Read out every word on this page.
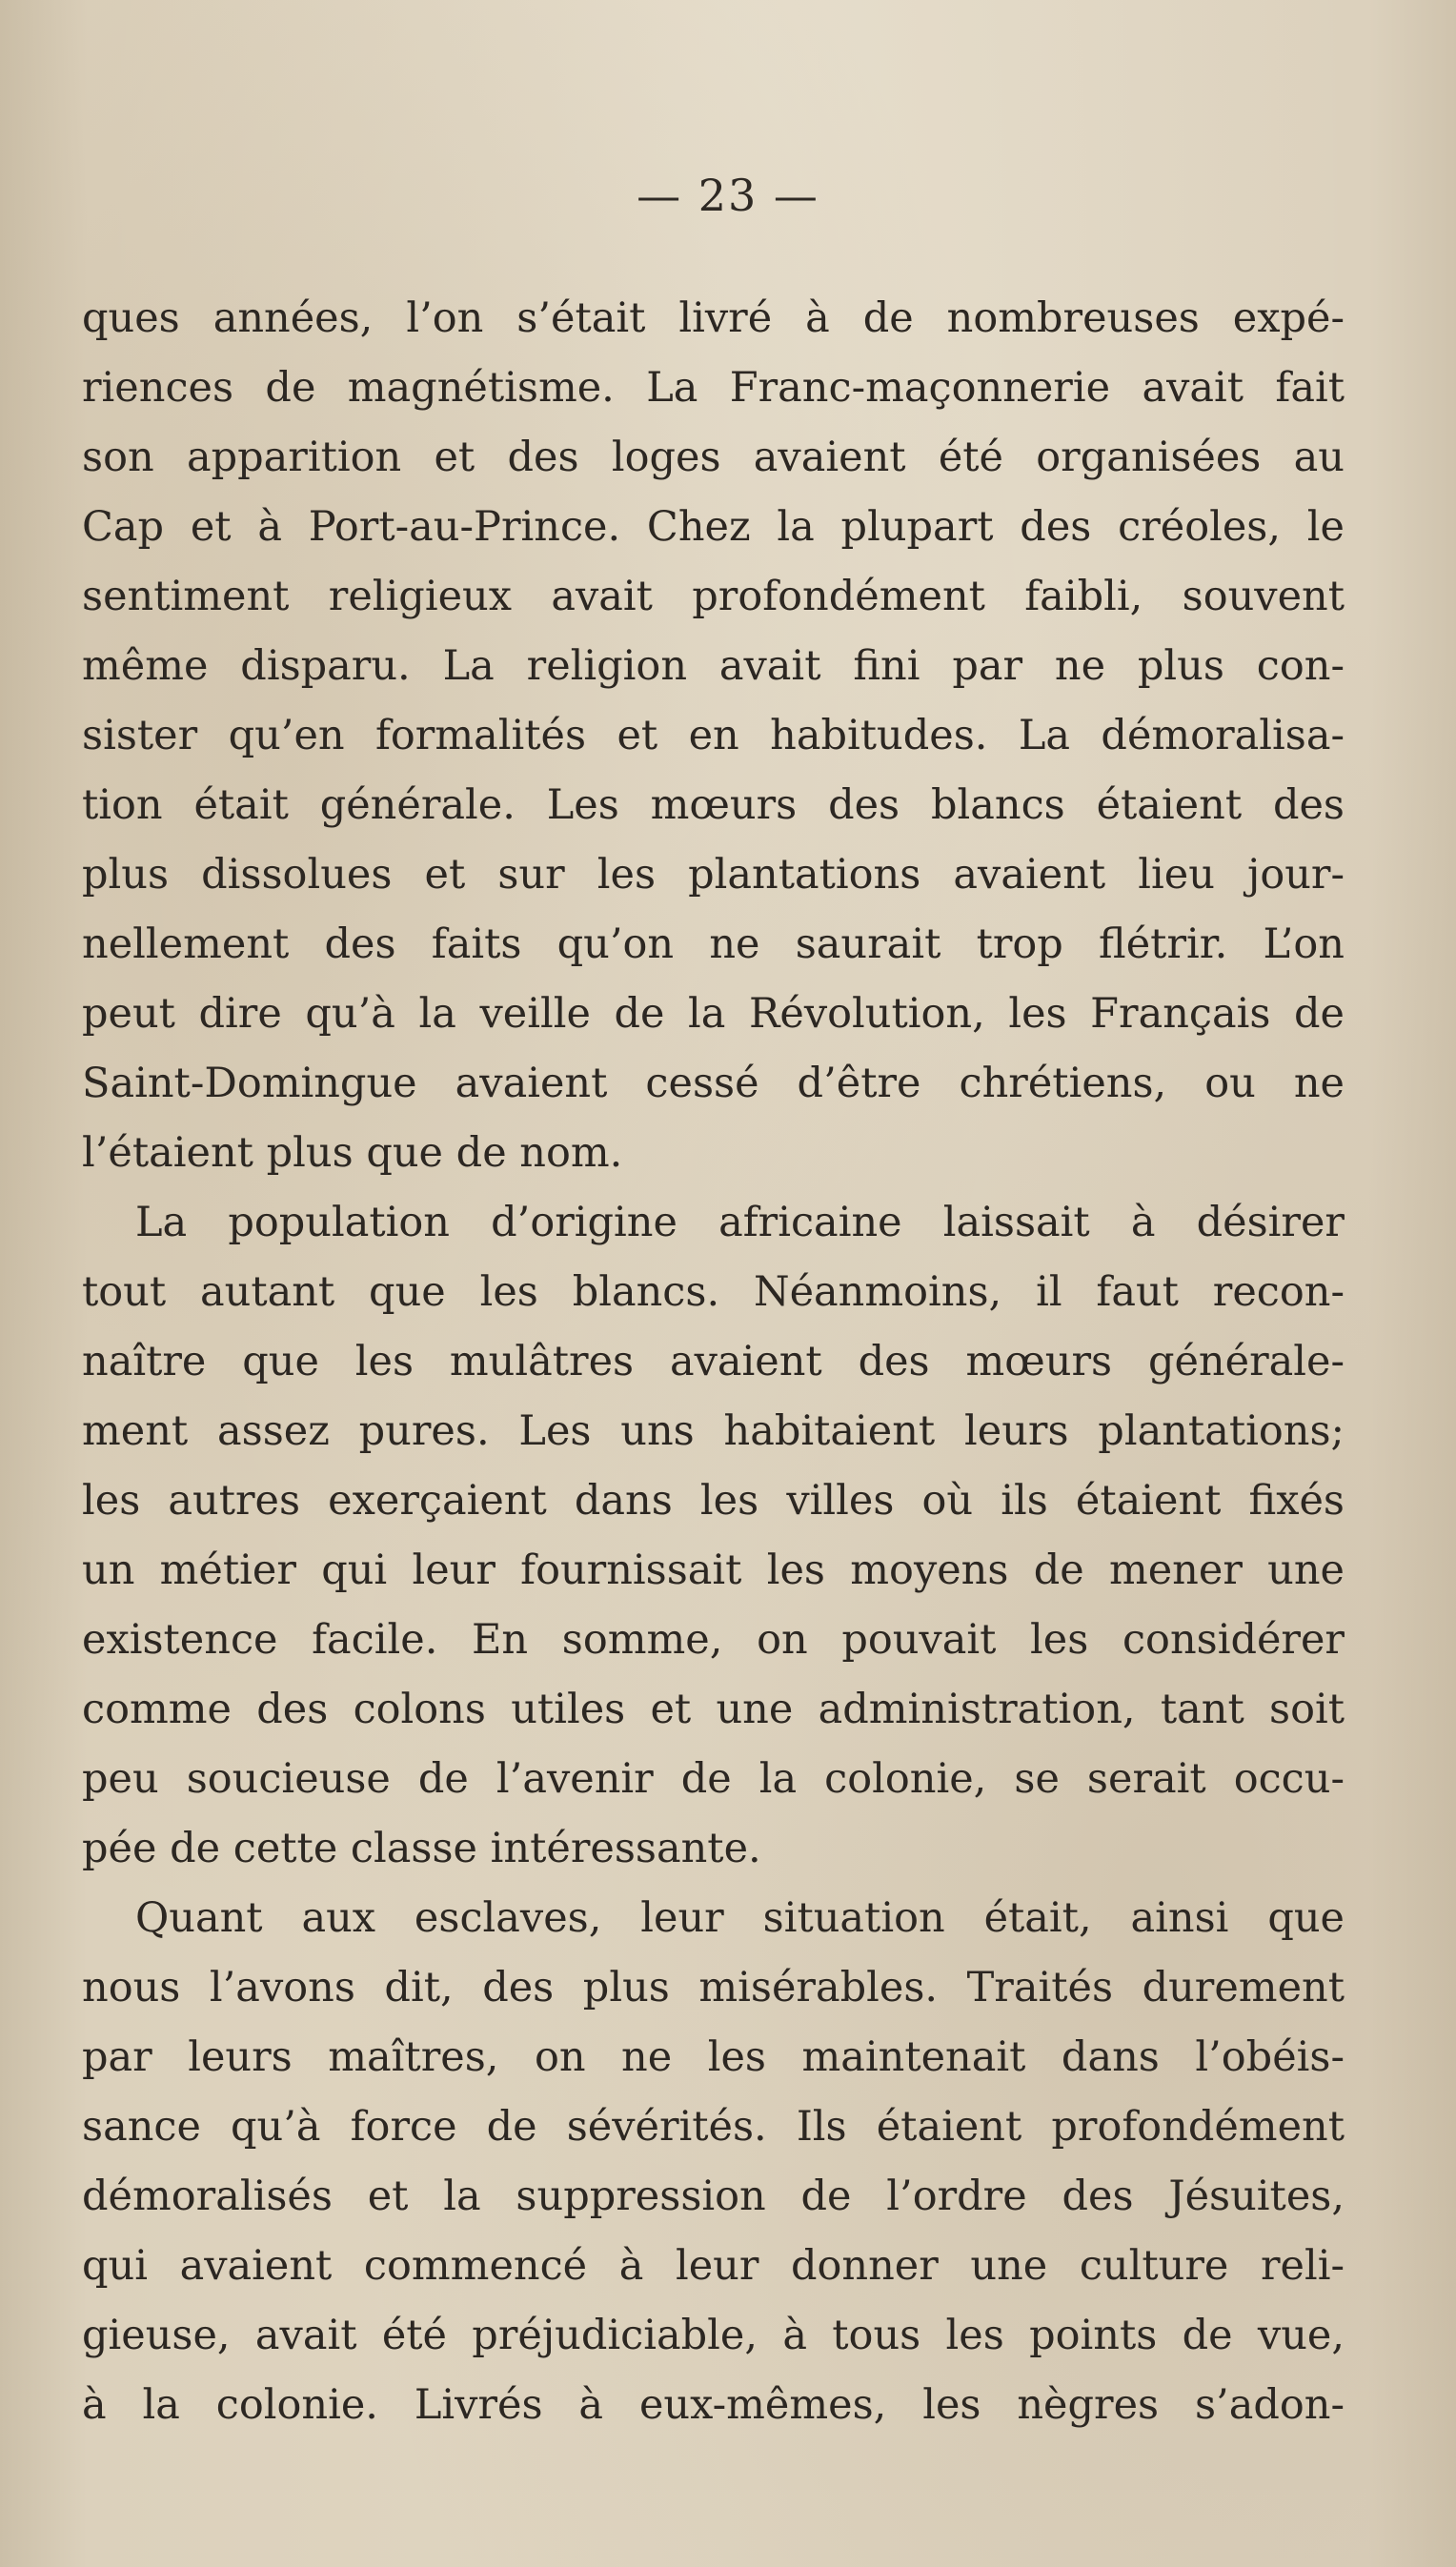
— 23 —
ques années, l’on s’était livré à de nombreuses expé-
riences de magnétisme. La Franc-maçonnerie avait fait
son apparition et des loges avaient été organisées au
Cap et à Port-au-Prince. Chez la plupart des créoles, le
sentiment religieux avait profondément faibli, souvent
même disparu. La religion avait fini par ne plus con-
sister qu’en formalités et en habitudes. La démoralisa-
tion était générale. Les mœurs des blancs étaient des
plus dissolues et sur les plantations avaient lieu jour-
nellement des faits qu’on ne saurait trop flétrir. L’on
peut dire qu’à la veille de la Révolution, les Français de
Saint-Domingue avaient cessé d’être chrétiens, ou ne
l’étaient plus que de nom.
La population d’origine africaine laissait à désirer
tout autant que les blancs. Néanmoins, il faut recon-
naître que les mulâtres avaient des mœurs générale-
ment assez pures. Les uns habitaient leurs plantations;
les autres exerçaient dans les villes où ils étaient fixés
un métier qui leur fournissait les moyens de mener une
existence facile. En somme, on pouvait les considérer
comme des colons utiles et une administration, tant soit
peu soucieuse de l’avenir de la colonie, se serait occu-
pée de cette classe intéressante.
Quant aux esclaves, leur situation était, ainsi que
nous l’avons dit, des plus misérables. Traités durement
par leurs maîtres, on ne les maintenait dans l’obéis-
sance qu’à force de sévérités. Ils étaient profondément
démoralisés et la suppression de l’ordre des Jésuites,
qui avaient commencé à leur donner une culture reli-
gieuse, avait été préjudiciable, à tous les points de vue,
à la colonie. Livrés à eux-mêmes, les nègres s’adon-
